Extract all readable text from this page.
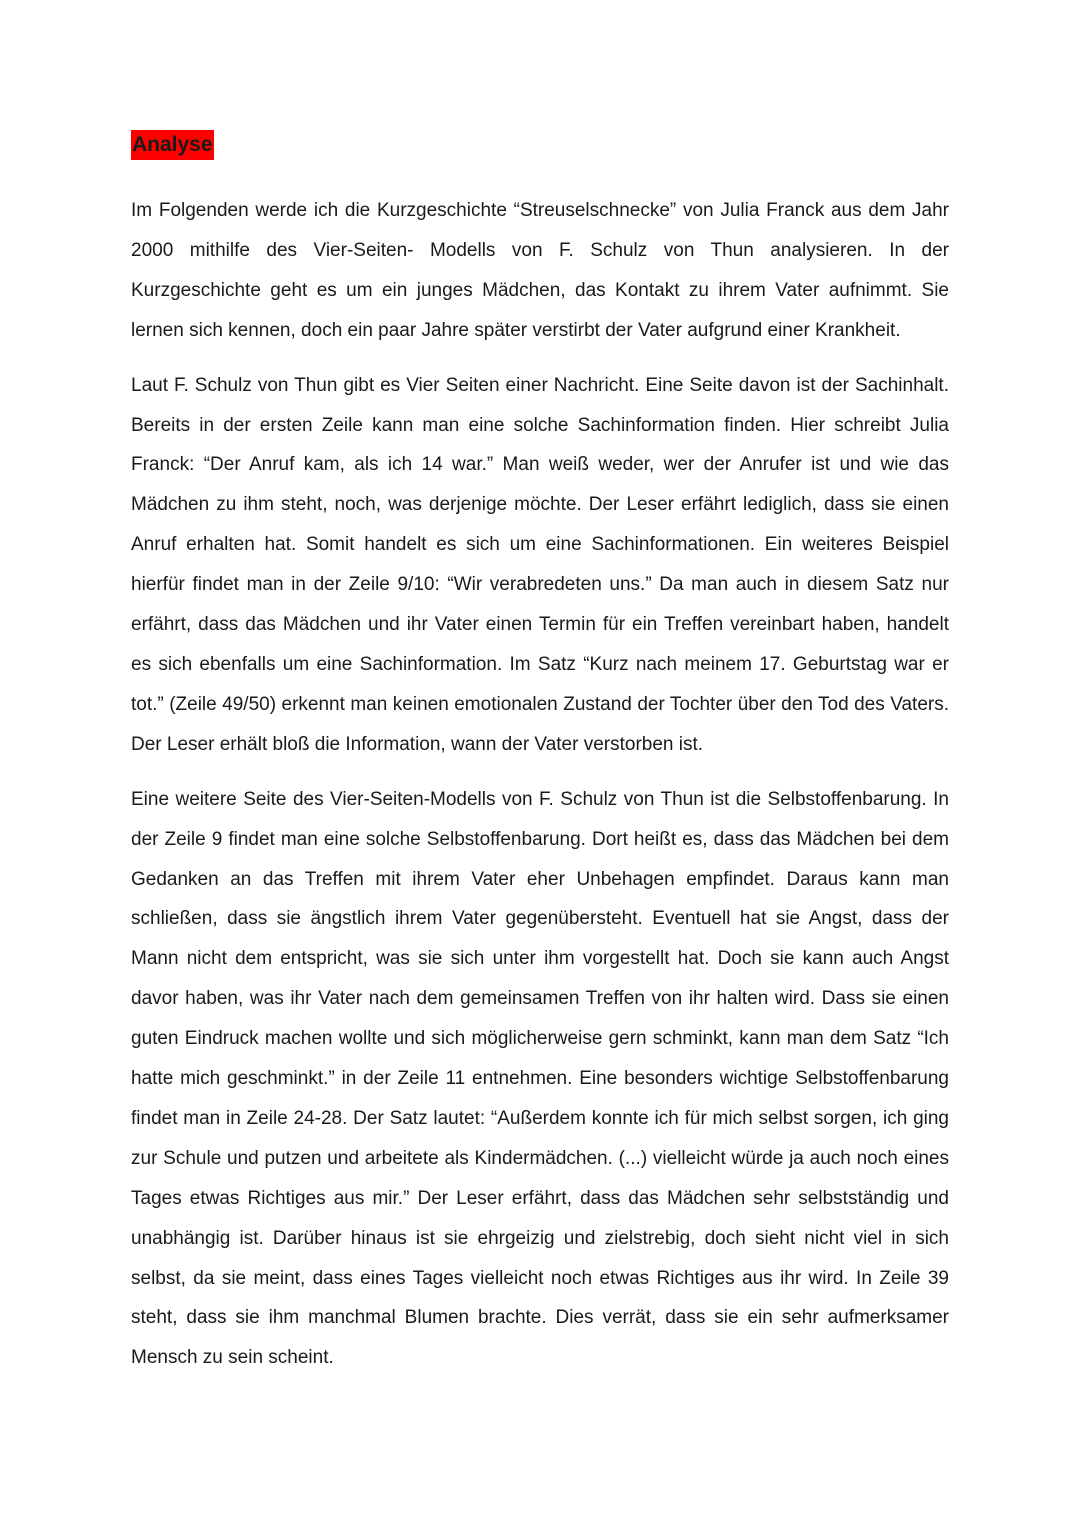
Analyse

Im Folgenden werde ich die Kurzgeschichte “Streuselschnecke” von Julia Franck aus dem Jahr 2000 mithilfe des Vier-Seiten- Modells von F. Schulz von Thun analysieren. In der Kurzgeschichte geht es um ein junges Mädchen, das Kontakt zu ihrem Vater aufnimmt. Sie lernen sich kennen, doch ein paar Jahre später verstirbt der Vater aufgrund einer Krankheit.

Laut F. Schulz von Thun gibt es Vier Seiten einer Nachricht. Eine Seite davon ist der Sachinhalt. Bereits in der ersten Zeile kann man eine solche Sachinformation finden. Hier schreibt Julia Franck: “Der Anruf kam, als ich 14 war.” Man weiß weder, wer der Anrufer ist und wie das Mädchen zu ihm steht, noch, was derjenige möchte. Der Leser erfährt lediglich, dass sie einen Anruf erhalten hat. Somit handelt es sich um eine Sachinformationen. Ein weiteres Beispiel hierfür findet man in der Zeile 9/10: “Wir verabredeten uns.” Da man auch in diesem Satz nur erfährt, dass das Mädchen und ihr Vater einen Termin für ein Treffen vereinbart haben, handelt es sich ebenfalls um eine Sachinformation. Im Satz “Kurz nach meinem 17. Geburtstag war er tot.” (Zeile 49/50) erkennt man keinen emotionalen Zustand der Tochter über den Tod des Vaters. Der Leser erhält bloß die Information, wann der Vater verstorben ist.

Eine weitere Seite des Vier-Seiten-Modells von F. Schulz von Thun ist die Selbstoffenbarung. In der Zeile 9 findet man eine solche Selbstoffenbarung. Dort heißt es, dass das Mädchen bei dem Gedanken an das Treffen mit ihrem Vater eher Unbehagen empfindet. Daraus kann man schließen, dass sie ängstlich ihrem Vater gegenübersteht. Eventuell hat sie Angst, dass der Mann nicht dem entspricht, was sie sich unter ihm vorgestellt hat. Doch sie kann auch Angst davor haben, was ihr Vater nach dem gemeinsamen Treffen von ihr halten wird. Dass sie einen guten Eindruck machen wollte und sich möglicherweise gern schminkt, kann man dem Satz “Ich hatte mich geschminkt.” in der Zeile 11 entnehmen. Eine besonders wichtige Selbstoffenbarung findet man in Zeile 24-28. Der Satz lautet: “Außerdem konnte ich für mich selbst sorgen, ich ging zur Schule und putzen und arbeitete als Kindermädchen. (...) vielleicht würde ja auch noch eines Tages etwas Richtiges aus mir.” Der Leser erfährt, dass das Mädchen sehr selbstständig und unabhängig ist. Darüber hinaus ist sie ehrgeizig und zielstrebig, doch sieht nicht viel in sich selbst, da sie meint, dass eines Tages vielleicht noch etwas Richtiges aus ihr wird. In Zeile 39 steht, dass sie ihm manchmal Blumen brachte. Dies verrät, dass sie ein sehr aufmerksamer Mensch zu sein scheint.
